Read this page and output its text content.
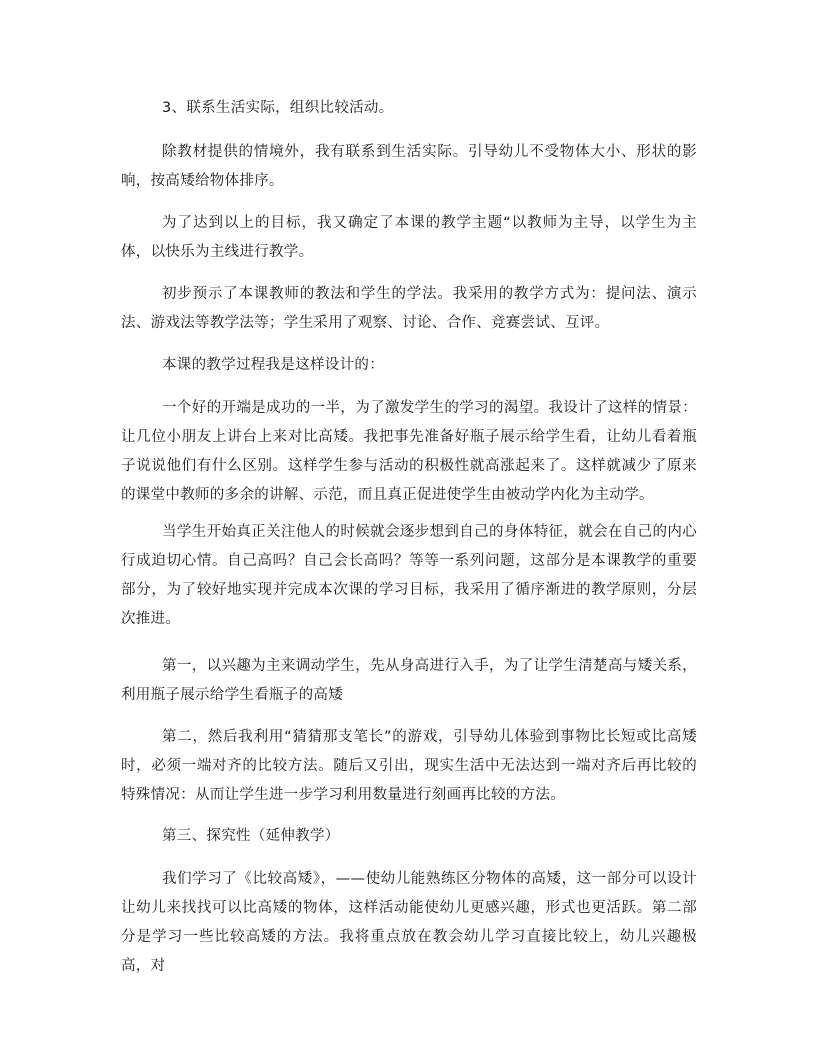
3、联系生活实际，组织比较活动。

除教材提供的情境外，我有联系到生活实际。引导幼儿不受物体大小、形状的影响，按高矮给物体排序。

为了达到以上的目标，我又确定了本课的教学主题“以教师为主导，以学生为主体，以快乐为主线进行教学。

初步预示了本课教师的教法和学生的学法。我采用的教学方式为：提问法、演示法、游戏法等教学法等；学生采用了观察、讨论、合作、竞赛尝试、互评。

本课的教学过程我是这样设计的：

一个好的开端是成功的一半，为了激发学生的学习的渴望。我设计了这样的情景：让几位小朋友上讲台上来对比高矮。我把事先准备好瓶子展示给学生看，让幼儿看着瓶子说说他们有什么区别。这样学生参与活动的积极性就高涨起来了。这样就减少了原来的课堂中教师的多余的讲解、示范，而且真正促进使学生由被动学内化为主动学。

当学生开始真正关注他人的时候就会逐步想到自己的身体特征，就会在自己的内心行成迫切心情。自己高吗？自己会长高吗？等等一系列问题，这部分是本课教学的重要部分，为了较好地实现并完成本次课的学习目标，我采用了循序渐进的教学原则，分层次推进。

第一，以兴趣为主来调动学生，先从身高进行入手，为了让学生清楚高与矮关系，利用瓶子展示给学生看瓶子的高矮

第二，然后我利用“猜猜那支笔长”的游戏，引导幼儿体验到事物比长短或比高矮时，必须一端对齐的比较方法。随后又引出，现实生活中无法达到一端对齐后再比较的特殊情况：从而让学生进一步学习利用数量进行刻画再比较的方法。

第三、探究性（延伸教学）

我们学习了《比较高矮》，——使幼儿能熟练区分物体的高矮，这一部分可以设计让幼儿来找找可以比高矮的物体，这样活动能使幼儿更感兴趣，形式也更活跃。第二部分是学习一些比较高矮的方法。我将重点放在教会幼儿学习直接比较上，幼儿兴趣极高，对
